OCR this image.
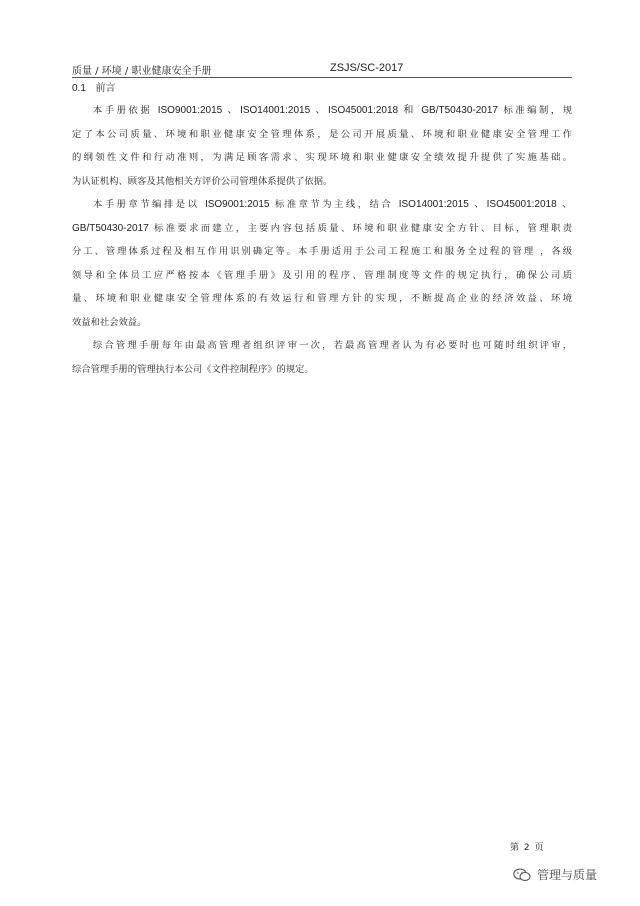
质量 / 环境 / 职业健康安全手册	ZSJS/SC-2017
0.1 前言
本手册依据 ISO9001:2015 、ISO14001:2015 、ISO45001:2018 和 GB/T50430-2017 标准编制，规
定了本公司质量、环境和职业健康安全管理体系，是公司开展质量、环境和职业健康安全管理工作
的纲领性文件和行动准则，为满足顾客需求、实现环境和职业健康安全绩效提升提供了实施基础。
为认证机构、顾客及其他相关方评价公司管理体系提供了依据。
本手册章节编排是以 ISO9001:2015 标准章节为主线，结合 ISO14001:2015 、ISO45001:2018 、
GB/T50430-2017 标准要求而建立，主要内容包括质量、环境和职业健康安全方针、目标，管理职责
分工、管理体系过程及相互作用识别确定等。本手册适用于公司工程施工和服务全过程的管理 ，各级
领导和全体员工应严格按本《管理手册》及引用的程序、管理制度等文件的规定执行，确保公司质
量、环境和职业健康安全管理体系的有效运行和管理方针的实现，不断提高企业的经济效益、环境
效益和社会效益。
综合管理手册每年由最高管理者组织评审一次，若最高管理者认为有必要时也可随时组织评审，
综合管理手册的管理执行本公司《文件控制程序》的规定。
第 2 页
管理与质量
